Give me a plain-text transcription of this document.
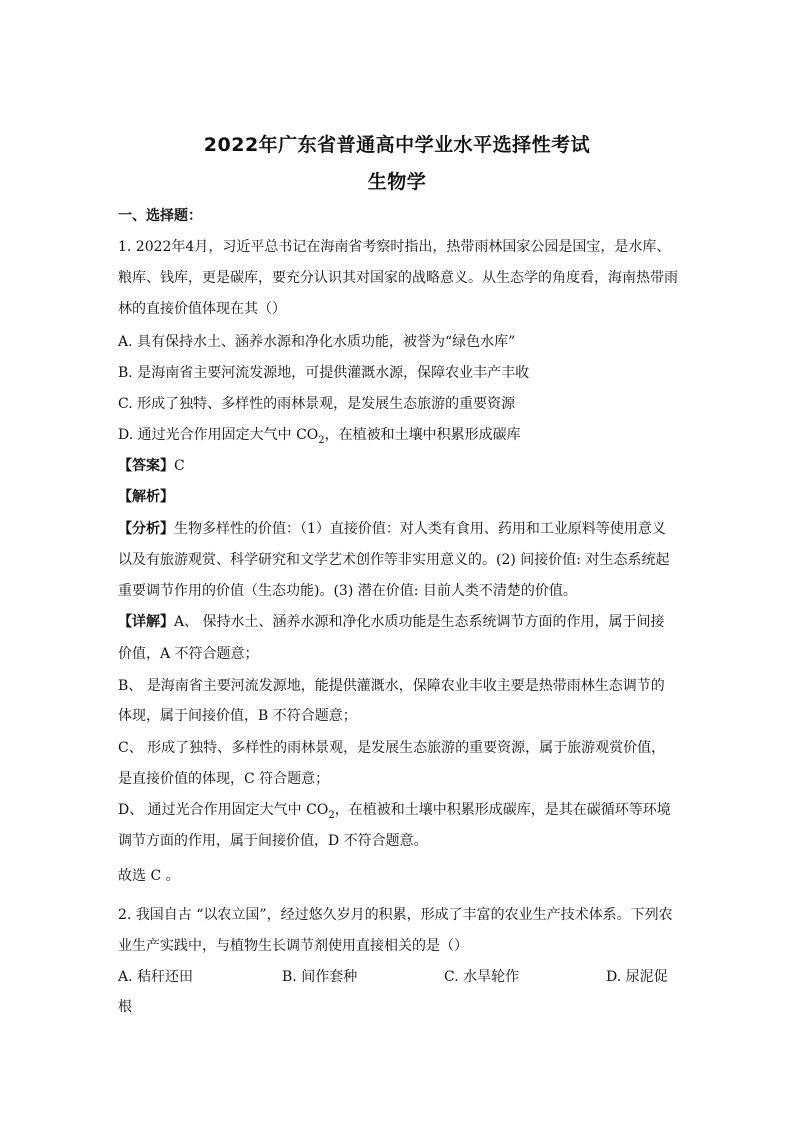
2022年广东省普通高中学业水平选择性考试
生物学
一、选择题：
1. 2022年4月，习近平总书记在海南省考察时指出，热带雨林国家公园是国宝，是水库、
粮库、钱库，更是碳库，要充分认识其对国家的战略意义。从生态学的角度看，海南热带雨
林的直接价值体现在其（）
A. 具有保持水土、涵养水源和净化水质功能，被誉为“绿色水库”
B. 是海南省主要河流发源地，可提供灌溉水源，保障农业丰产丰收
C. 形成了独特、多样性的雨林景观，是发展生态旅游的重要资源
D. 通过光合作用固定大气中 $CO_2$，在植被和土壤中积累形成碳库
【答案】C
【解析】
【分析】生物多样性的价值：（1）直接价值：对人类有食用、药用和工业原料等使用意义
以及有旅游观赏、科学研究和文学艺术创作等非实用意义的。(2) 间接价值: 对生态系统起
重要调节作用的价值（生态功能)。(3) 潜在价值: 目前人类不清楚的价值。
【详解】A、 保持水土、涵养水源和净化水质功能是生态系统调节方面的作用，属于间接
价值，A 不符合题意；
B、 是海南省主要河流发源地，能提供灌溉水，保障农业丰收主要是热带雨林生态调节的
体现，属于间接价值，B 不符合题意；
C、 形成了独特、多样性的雨林景观，是发展生态旅游的重要资源，属于旅游观赏价值，
是直接价值的体现，C 符合题意；
D、 通过光合作用固定大气中 $CO_2$，在植被和土壤中积累形成碳库，是其在碳循环等环境
调节方面的作用，属于间接价值，D 不符合题意。
故选 C 。
2. 我国自古 “以农立国”，经过悠久岁月的积累，形成了丰富的农业生产技术体系。下列农
业生产实践中，与植物生长调节剂使用直接相关的是（）
A. 秸秆还田	B. 间作套种	C. 水旱轮作	D. 尿泥促
根
